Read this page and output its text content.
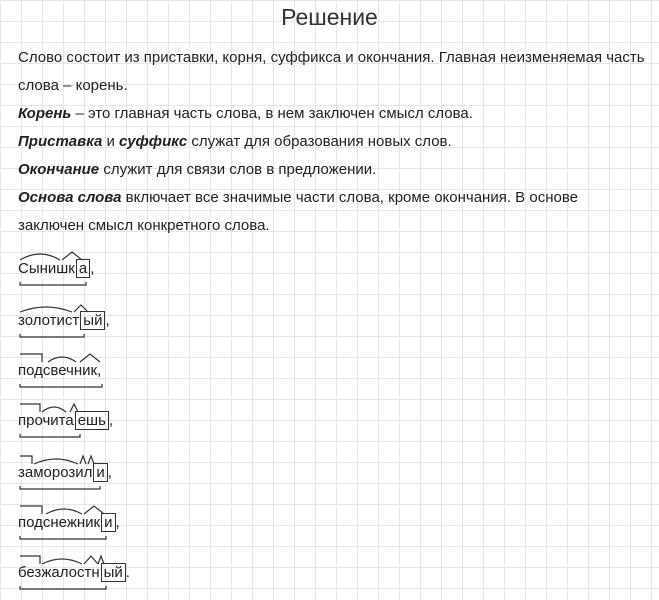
Решение
Слово состоит из приставки, корня, суффикса и окончания. Главная неизменяемая часть слова – корень.
Корень – это главная часть слова, в нем заключен смысл слова.
Приставка и суффикс служат для образования новых слов.
Окончание служит для связи слов в предложении.
Основа слова включает все значимые части слова, кроме окончания. В основе заключен смысл конкретного слова.
Сынишк а ,
золотист ый ,
подсвечник,
прочита ешь ,
заморозил и ,
подснежник и ,
безжалостн ый .
